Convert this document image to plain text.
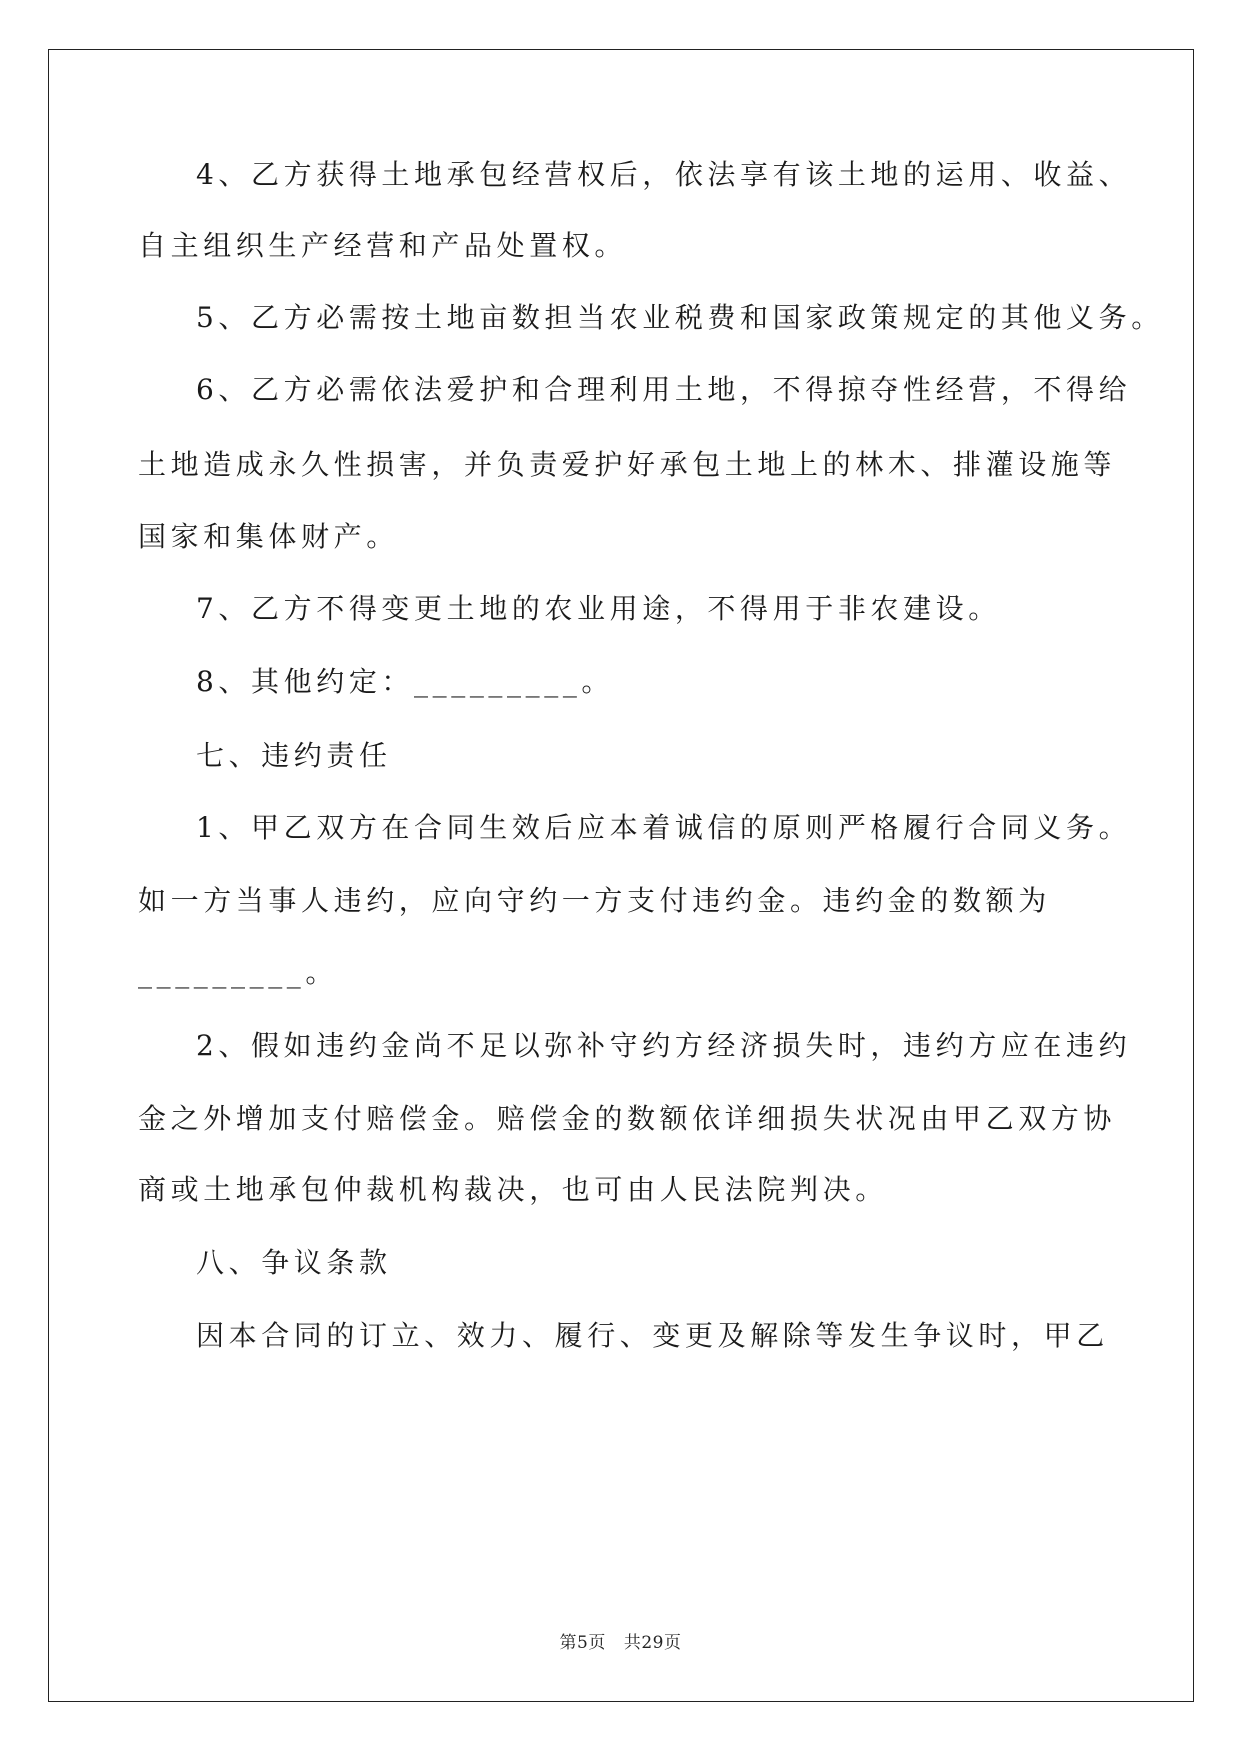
4、乙方获得土地承包经营权后，依法享有该土地的运用、收益、
自主组织生产经营和产品处置权。
5、乙方必需按土地亩数担当农业税费和国家政策规定的其他义务。
6、乙方必需依法爱护和合理利用土地，不得掠夺性经营，不得给
土地造成永久性损害，并负责爱护好承包土地上的林木、排灌设施等
国家和集体财产。
7、乙方不得变更土地的农业用途，不得用于非农建设。
8、其他约定：_________。
七、违约责任
1、甲乙双方在合同生效后应本着诚信的原则严格履行合同义务。
如一方当事人违约，应向守约一方支付违约金。违约金的数额为
_________。
2、假如违约金尚不足以弥补守约方经济损失时，违约方应在违约
金之外增加支付赔偿金。赔偿金的数额依详细损失状况由甲乙双方协
商或土地承包仲裁机构裁决，也可由人民法院判决。
八、争议条款
因本合同的订立、效力、履行、变更及解除等发生争议时，甲乙
第5页 共29页
